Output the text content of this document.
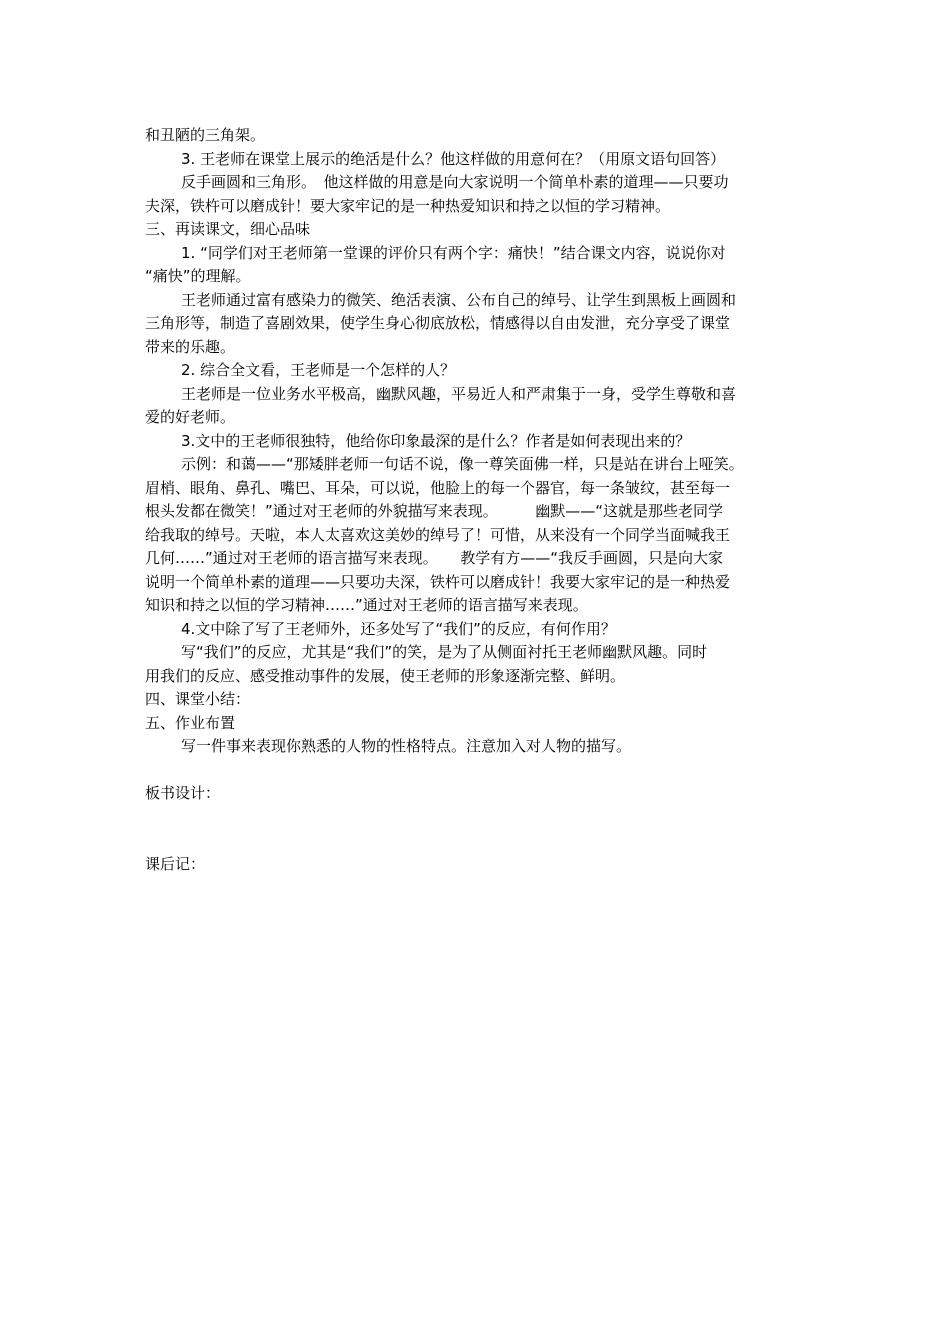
和丑陋的三角架。
3. 王老师在课堂上展示的绝活是什么？他这样做的用意何在？（用原文语句回答）
反手画圆和三角形。　他这样做的用意是向大家说明一个简单朴素的道理——只要功
夫深，铁杵可以磨成针！要大家牢记的是一种热爱知识和持之以恒的学习精神。
三、再读课文，细心品味
1. “同学们对王老师第一堂课的评价只有两个字：痛快！”结合课文内容，说说你对
“痛快”的理解。
王老师通过富有感染力的微笑、绝活表演、公布自己的绰号、让学生到黑板上画圆和
三角形等，制造了喜剧效果，使学生身心彻底放松，情感得以自由发泄，充分享受了课堂
带来的乐趣。
2. 综合全文看，王老师是一个怎样的人？
王老师是一位业务水平极高，幽默风趣，平易近人和严肃集于一身，受学生尊敬和喜
爱的好老师。
3.文中的王老师很独特，他给你印象最深的是什么？作者是如何表现出来的？
示例：和蔼——“那矮胖老师一句话不说，像一尊笑面佛一样，只是站在讲台上哑笑。
眉梢、眼角、鼻孔、嘴巴、耳朵，可以说，他脸上的每一个器官，每一条皱纹，甚至每一
根头发都在微笑！”通过对王老师的外貌描写来表现。　　　幽默——“这就是那些老同学
给我取的绰号。天啦，本人太喜欢这美妙的绰号了！可惜，从来没有一个同学当面喊我王
几何……”通过对王老师的语言描写来表现。　　教学有方——“我反手画圆，只是向大家
说明一个简单朴素的道理——只要功夫深，铁杵可以磨成针！我要大家牢记的是一种热爱
知识和持之以恒的学习精神……”通过对王老师的语言描写来表现。
4.文中除了写了王老师外，还多处写了“我们”的反应，有何作用？
写“我们”的反应，尤其是“我们”的笑，是为了从侧面衬托王老师幽默风趣。同时
用我们的反应、感受推动事件的发展，使王老师的形象逐渐完整、鲜明。
四、课堂小结：
五、作业布置
写一件事来表现你熟悉的人物的性格特点。注意加入对人物的描写。
板书设计：
课后记：
